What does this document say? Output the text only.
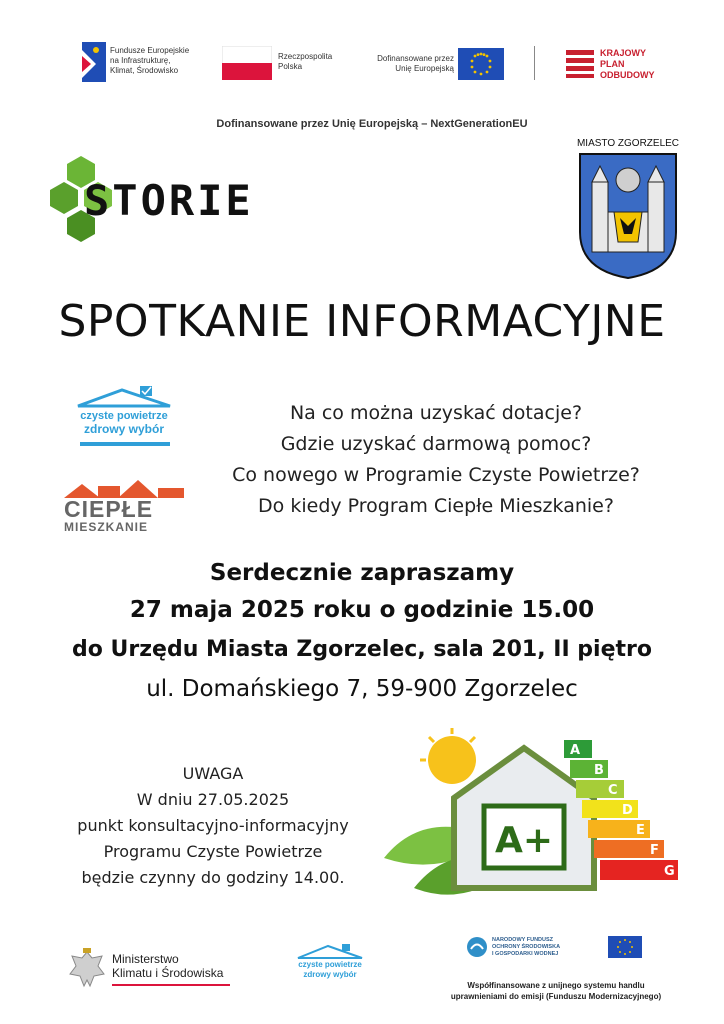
Fundusze Europejskie
na Infrastrukturę,
Klimat, Środowisko
Rzeczpospolita
Polska
Dofinansowane przez
Unię Europejską
KRAJOWY
PLAN
ODBUDOWY
Dofinansowane przez Unię Europejską – NextGenerationEU
STORIE
MIASTO ZGORZELEC
SPOTKANIE INFORMACYJNE
czyste powietrze
zdrowy wybór
CIEPŁE
MIESZKANIE
Na co można uzyskać dotacje?
Gdzie uzyskać darmową pomoc?
Co nowego w Programie Czyste Powietrze?
Do kiedy Program Ciepłe Mieszkanie?
Serdecznie zapraszamy
27 maja 2025 roku o godzinie 15.00
do Urzędu Miasta Zgorzelec, sala 201, II piętro
ul. Domańskiego 7, 59-900 Zgorzelec
UWAGA
W dniu 27.05.2025
punkt konsultacyjno-informacyjny
Programu Czyste Powietrze
będzie czynny do godziny 14.00.
A+
A
B
C
D
E
F
G
Ministerstwo
Klimatu i Środowiska
czyste powietrze
zdrowy wybór
NARODOWY FUNDUSZ
OCHRONY ŚRODOWISKA
I GOSPODARKI WODNEJ
Współfinansowane z unijnego systemu handlu
uprawnieniami do emisji (Funduszu Modernizacyjnego)
